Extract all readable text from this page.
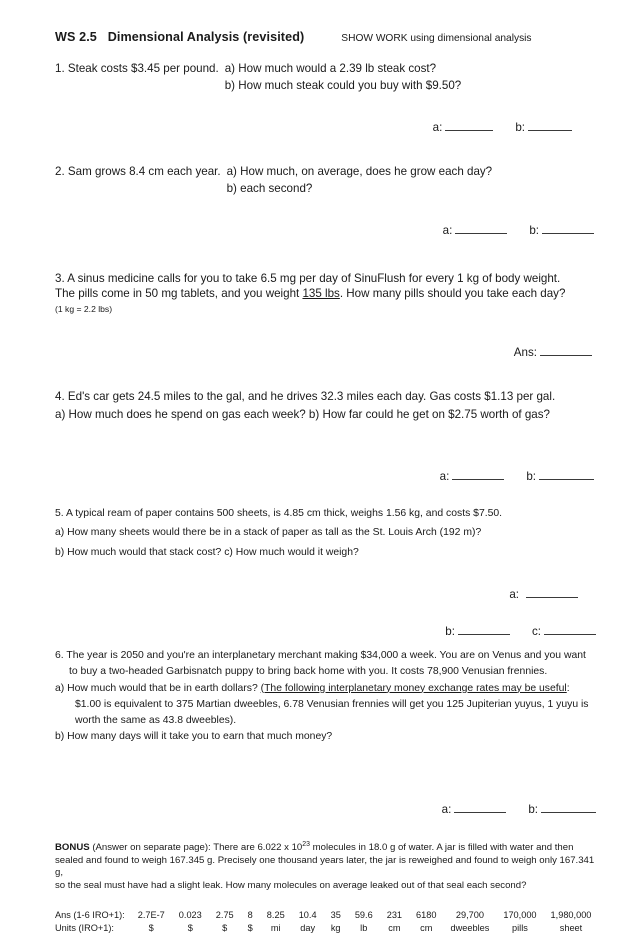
WS 2.5   Dimensional Analysis (revisited)	SHOW WORK using dimensional analysis
1. Steak costs $3.45 per pound. a) How much would a 2.39 lb steak cost?
b) How much steak could you buy with $9.50?
a:	b:
2. Sam grows 8.4 cm each year. a) How much, on average, does he grow each day?
b) each second?
a:	b:
3. A sinus medicine calls for you to take 6.5 mg per day of SinuFlush for every 1 kg of body weight.
The pills come in 50 mg tablets, and you weight 135 lbs. How many pills should you take each day?
(1 kg = 2.2 lbs)
Ans:
4. Ed's car gets 24.5 miles to the gal, and he drives 32.3 miles each day. Gas costs $1.13 per gal.
a) How much does he spend on gas each week? b) How far could he get on $2.75 worth of gas?
a:	b:
5. A typical ream of paper contains 500 sheets, is 4.85 cm thick, weighs 1.56 kg, and costs $7.50.
a) How many sheets would there be in a stack of paper as tall as the St. Louis Arch (192 m)?
b) How much would that stack cost? c) How much would it weigh?
a:
b:	c:
6. The year is 2050 and you're an interplanetary merchant making $34,000 a week. You are on Venus and you want
to buy a two-headed Garbisnatch puppy to bring back home with you. It costs 78,900 Venusian frennies.
a) How much would that be in earth dollars? (The following interplanetary money exchange rates may be useful:
$1.00 is equivalent to 375 Martian dweebles, 6.78 Venusian frennies will get you 125 Jupiterian yuyus, 1 yuyu is
worth the same as 43.8 dweebles).
b) How many days will it take you to earn that much money?
a:	b:
BONUS (Answer on separate page): There are 6.022 x $10^{23}$ molecules in 18.0 g of water. A jar is filled with water and then
sealed and found to weigh 167.345 g. Precisely one thousand years later, the jar is reweighed and found to weigh only 167.341 g,
so the seal must have had a slight leak. How many molecules on average leaked out of that seal each second?
Ans (1-6 IRO+1):	2.7E-7	0.023	2.75	8	8.25	10.4	35	59.6	231	6180	29,700	170,000	1,980,000
Units (IRO+1):	$	$	$	$	mi	day	kg	lb	cm	cm	dweebles	pills	sheet
